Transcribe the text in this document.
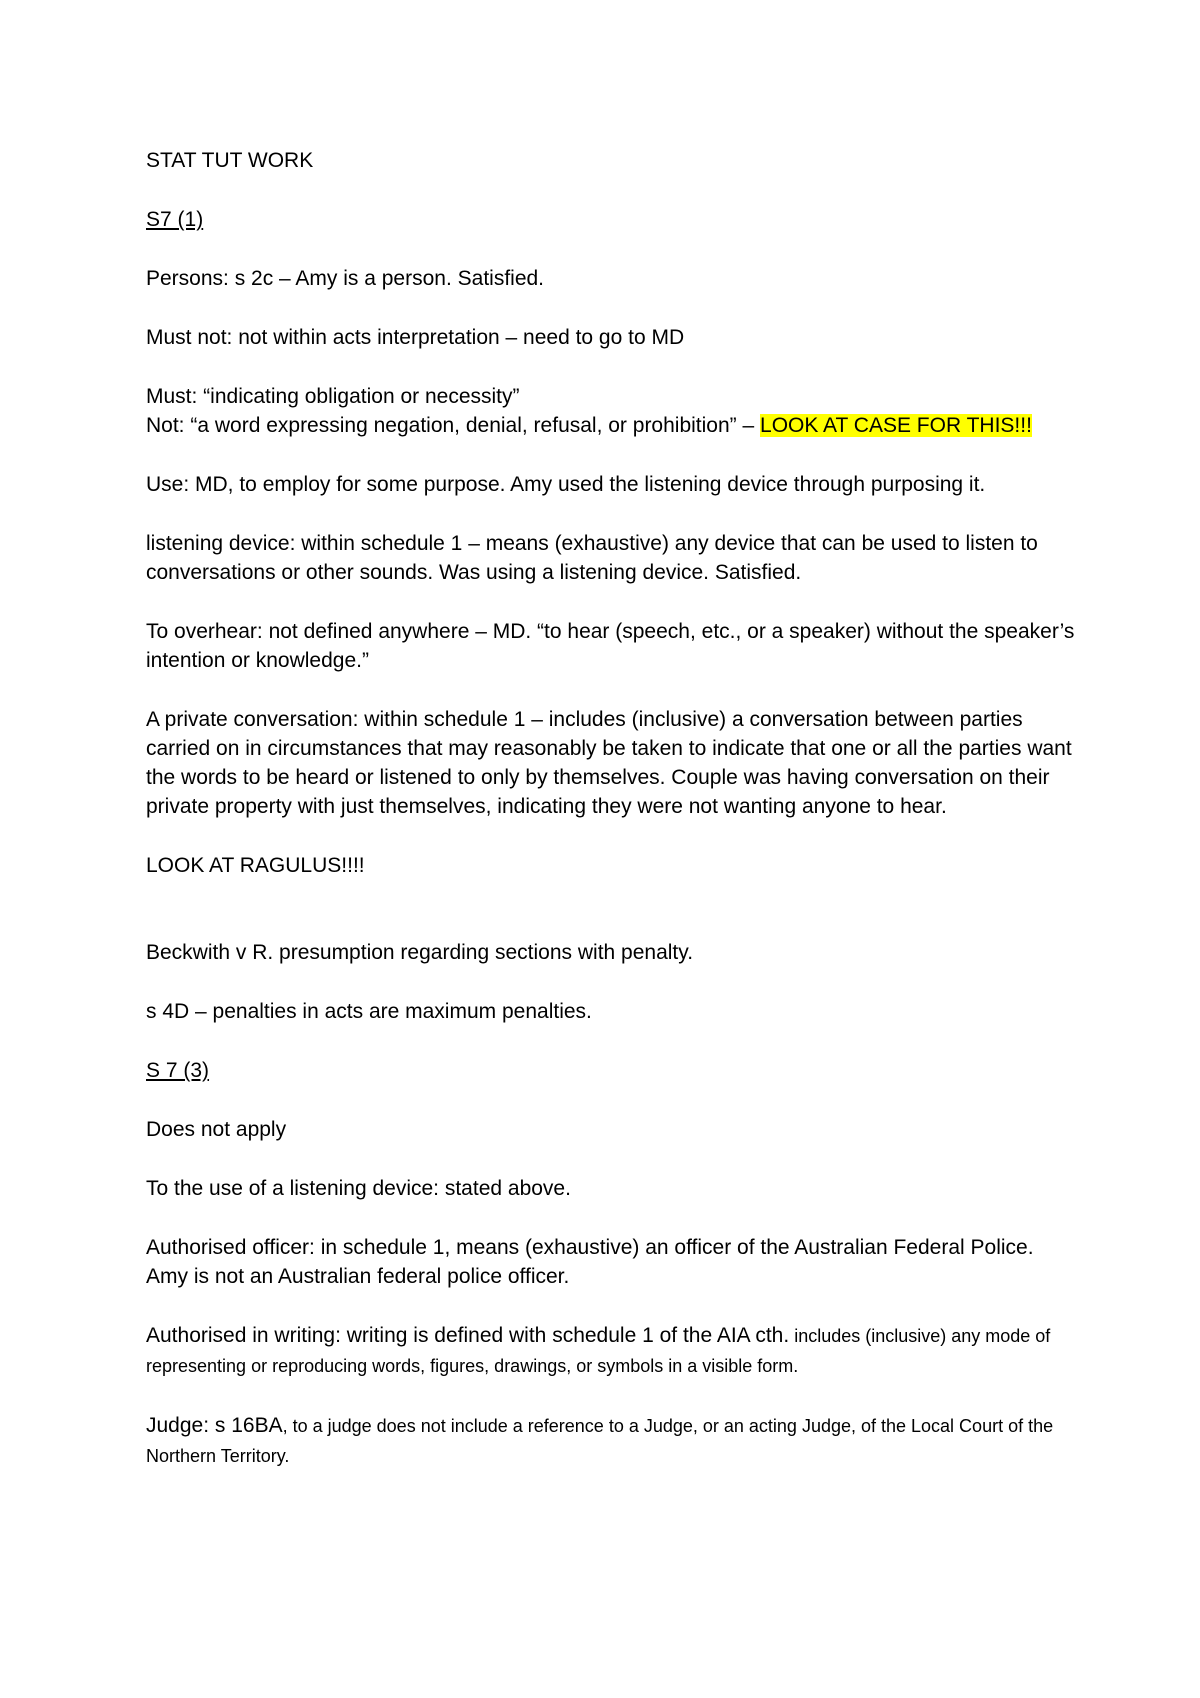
STAT TUT WORK

S7 (1)

Persons: s 2c – Amy is a person. Satisfied.

Must not: not within acts interpretation – need to go to MD

Must: “indicating obligation or necessity”

Not: “a word expressing negation, denial, refusal, or prohibition” – LOOK AT CASE FOR THIS!!!

Use: MD, to employ for some purpose. Amy used the listening device through purposing it.

listening device: within schedule 1 – means (exhaustive) any device that can be used to listen to conversations or other sounds. Was using a listening device. Satisfied.

To overhear: not defined anywhere – MD. “to hear (speech, etc., or a speaker) without the speaker’s intention or knowledge.”

A private conversation: within schedule 1 – includes (inclusive) a conversation between parties carried on in circumstances that may reasonably be taken to indicate that one or all the parties want the words to be heard or listened to only by themselves. Couple was having conversation on their private property with just themselves, indicating they were not wanting anyone to hear.

LOOK AT RAGULUS!!!!

Beckwith v R. presumption regarding sections with penalty.

s 4D – penalties in acts are maximum penalties.

S 7 (3)

Does not apply

To the use of a listening device: stated above.

Authorised officer: in schedule 1, means (exhaustive) an officer of the Australian Federal Police. Amy is not an Australian federal police officer.

Authorised in writing: writing is defined with schedule 1 of the AIA cth. includes (inclusive) any mode of representing or reproducing words, figures, drawings, or symbols in a visible form.

Judge: s 16BA, to a judge does not include a reference to a Judge, or an acting Judge, of the Local Court of the Northern Territory.
